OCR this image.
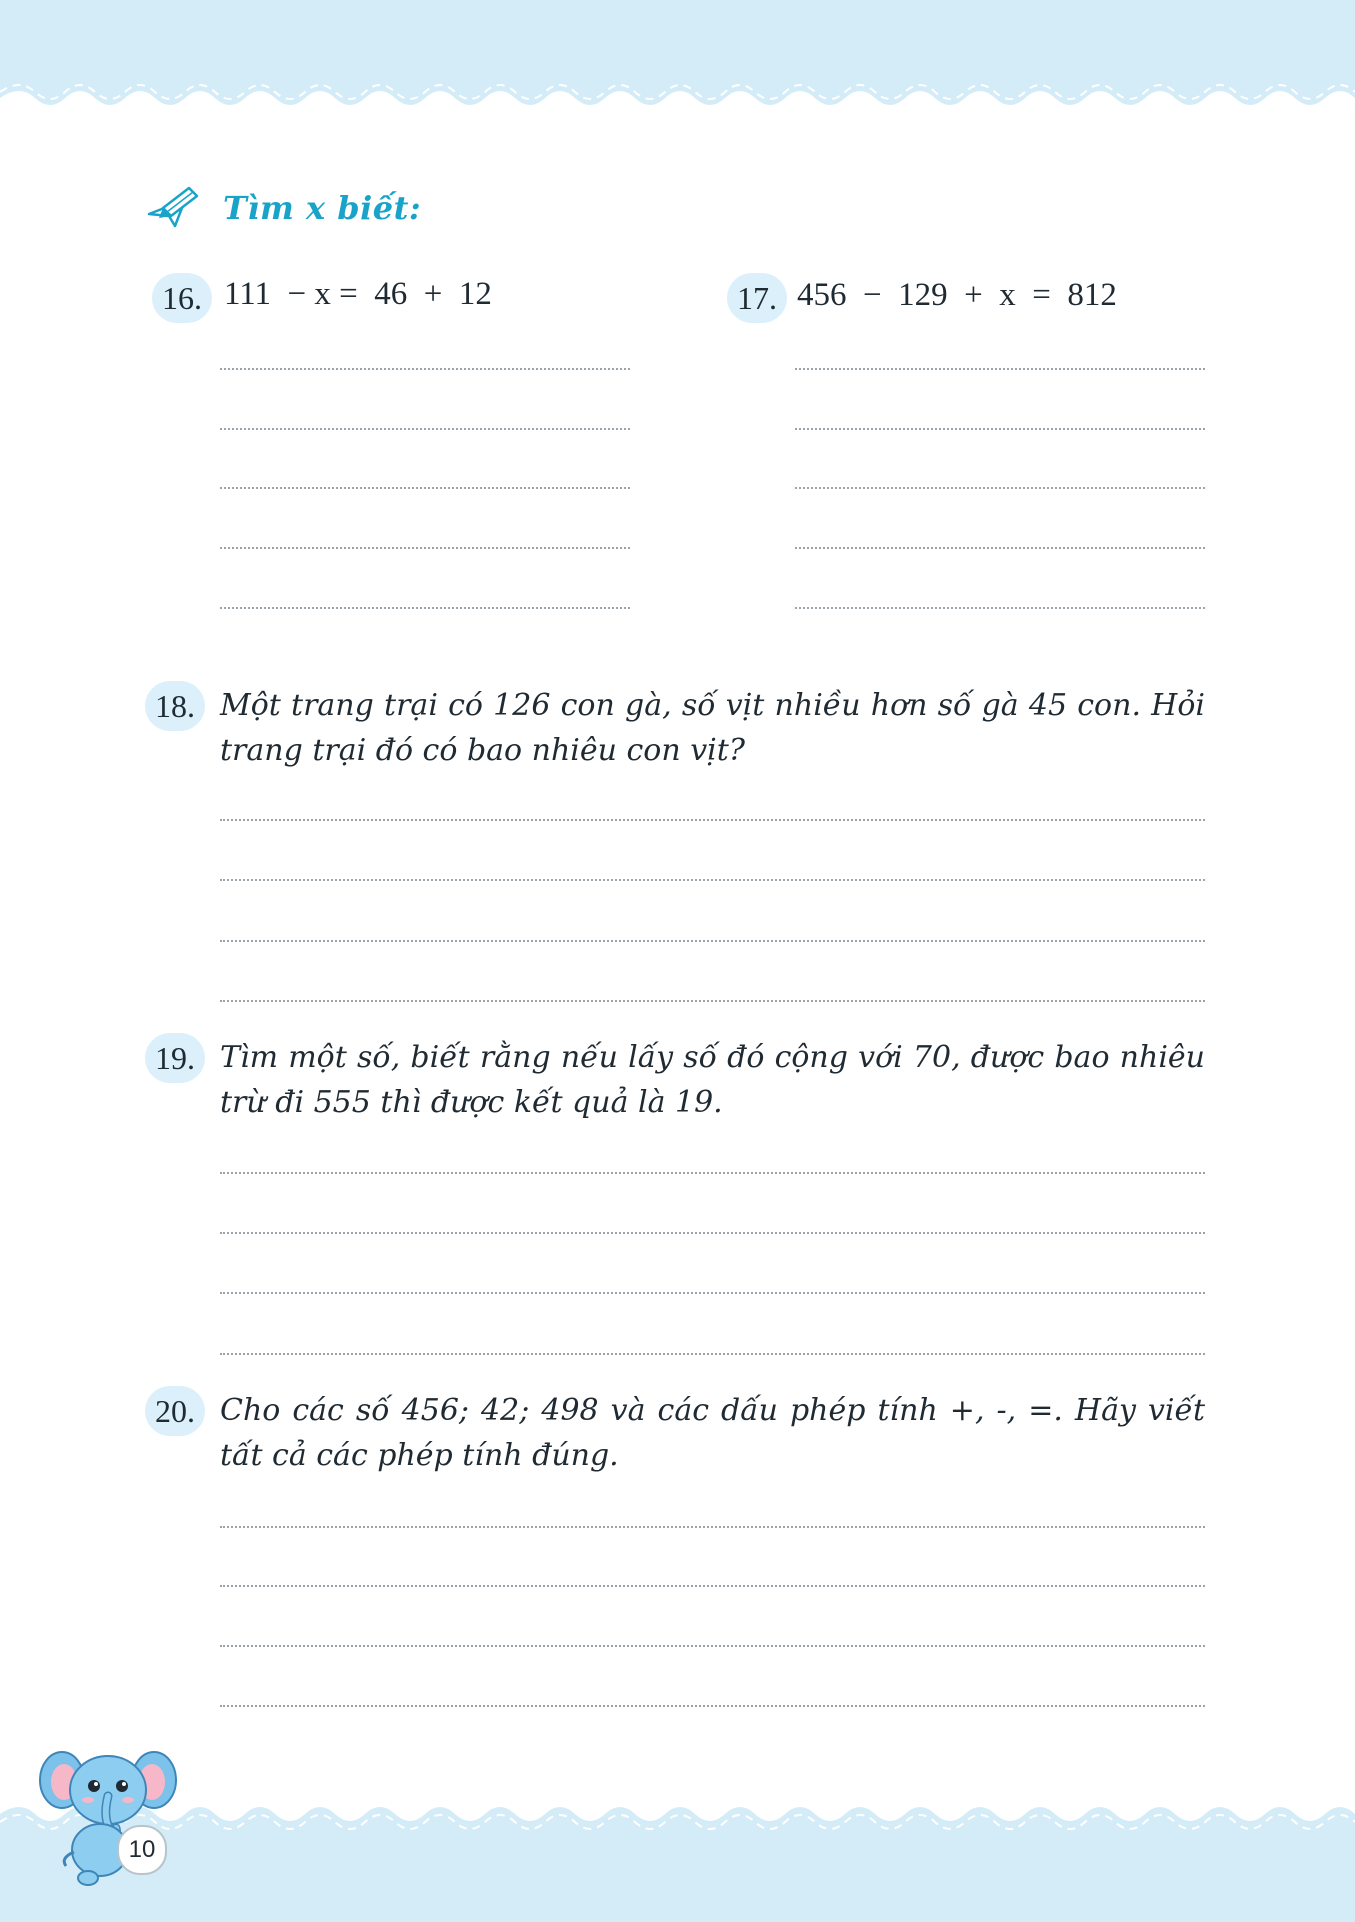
Tìm x biết:
16. 111  − x =  46  +  12	17. 456  −  129  +  x  =  812
18. Một trang trại có 126 con gà, số vịt nhiều hơn số gà 45 con. Hỏi trang trại đó có bao nhiêu con vịt?
19. Tìm một số, biết rằng nếu lấy số đó cộng với 70, được bao nhiêu trừ đi 555 thì được kết quả là 19.
20. Cho các số 456; 42; 498 và các dấu phép tính +, -, =. Hãy viết tất cả các phép tính đúng.
10
